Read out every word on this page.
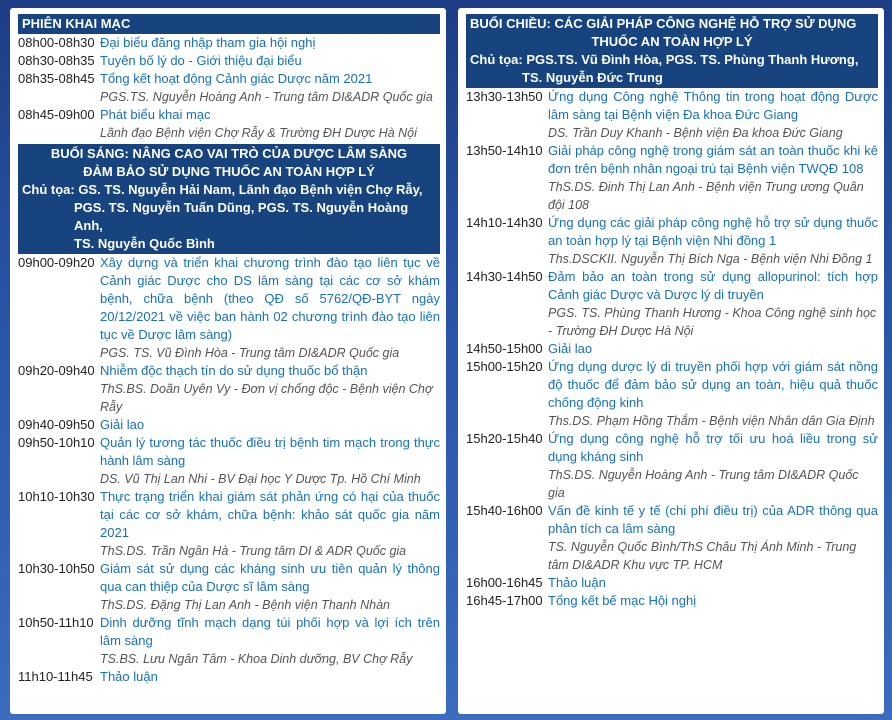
PHIÊN KHAI MẠC
08h00-08h30 Đại biểu đăng nhập tham gia hội nghị
08h30-08h35 Tuyên bố lý do - Giới thiệu đại biểu
08h35-08h45 Tổng kết hoạt động Cảnh giác Dược năm 2021
PGS.TS. Nguyễn Hoàng Anh - Trung tâm DI&ADR Quốc gia
08h45-09h00 Phát biểu khai mạc
Lãnh đạo Bệnh viện Chợ Rẫy & Trường ĐH Dược Hà Nội
BUỔI SÁNG: NÂNG CAO VAI TRÒ CỦA DƯỢC LÂM SÀNG
ĐẢM BẢO SỬ DỤNG THUỐC AN TOÀN HỢP LÝ
Chủ tọa: GS. TS. Nguyễn Hải Nam, Lãnh đạo Bệnh viện Chợ Rẫy,
PGS. TS. Nguyễn Tuấn Dũng, PGS. TS. Nguyễn Hoàng Anh,
TS. Nguyễn Quốc Bình
09h00-09h20 Xây dựng và triển khai chương trình đào tạo liên tục về Cảnh giác Dược cho DS lâm sàng tại các cơ sở khám bệnh, chữa bệnh (theo QĐ số 5762/QĐ-BYT ngày 20/12/2021 về việc ban hành 02 chương trình đào tạo liên tục về Dược lâm sàng)
PGS. TS. Vũ Đình Hòa - Trung tâm DI&ADR Quốc gia
09h20-09h40 Nhiễm độc thạch tín do sử dụng thuốc bổ thận
ThS.BS. Doãn Uyên Vy - Đơn vị chống độc - Bệnh viện Chợ Rẫy
09h40-09h50 Giải lao
09h50-10h10 Quản lý tương tác thuốc điều trị bệnh tim mạch trong thực hành lâm sàng
DS. Vũ Thị Lan Nhi - BV Đại học Y Dược Tp. Hồ Chí Minh
10h10-10h30 Thực trạng triển khai giám sát phản ứng có hại của thuốc tại các cơ sở khám, chữa bệnh: khảo sát quốc gia năm 2021
ThS.DS. Trần Ngân Hà - Trung tâm DI & ADR Quốc gia
10h30-10h50 Giám sát sử dụng các kháng sinh ưu tiên quản lý thông qua can thiệp của Dược sĩ lâm sàng
ThS.DS. Đặng Thị Lan Anh - Bệnh viện Thanh Nhàn
10h50-11h10 Dinh dưỡng tĩnh mạch dạng túi phối hợp và lợi ích trên lâm sàng
TS.BS. Lưu Ngân Tâm - Khoa Dinh dưỡng, BV Chợ Rẫy
11h10-11h45 Thảo luận
BUỔI CHIỀU: CÁC GIẢI PHÁP CÔNG NGHỆ HỖ TRỢ SỬ DỤNG
THUỐC AN TOÀN HỢP LÝ
Chủ tọa: PGS.TS. Vũ Đình Hòa, PGS. TS. Phùng Thanh Hương,
TS. Nguyễn Đức Trung
13h30-13h50 Ứng dụng Công nghệ Thông tin trong hoạt động Dược lâm sàng tại Bệnh viện Đa khoa Đức Giang
DS. Trần Duy Khanh - Bệnh viện Đa khoa Đức Giang
13h50-14h10 Giải pháp công nghệ trong giám sát an toàn thuốc khi kê đơn trên bệnh nhân ngoại trú tại Bệnh viện TWQĐ 108
ThS.DS. Đinh Thị Lan Anh - Bệnh viện Trung ương Quân đội 108
14h10-14h30 Ứng dụng các giải pháp công nghệ hỗ trợ sử dụng thuốc an toàn hợp lý tại Bệnh viện Nhi đồng 1
Ths.DSCKII. Nguyễn Thị Bích Nga - Bệnh viện Nhi Đồng 1
14h30-14h50 Đảm bảo an toàn trong sử dụng allopurinol: tích hợp Cảnh giác Dược và Dược lý di truyền
PGS. TS. Phùng Thanh Hương - Khoa Công nghệ sinh học - Trường ĐH Dược Hà Nội
14h50-15h00 Giải lao
15h00-15h20 Ứng dụng dược lý di truyền phối hợp với giám sát nồng độ thuốc để đảm bảo sử dụng an toàn, hiệu quả thuốc chống động kinh
Ths.DS. Phạm Hồng Thắm - Bệnh viện Nhân dân Gia Định
15h20-15h40 Ứng dụng công nghệ hỗ trợ tối ưu hoá liều trong sử dụng kháng sinh
ThS.DS. Nguyễn Hoàng Anh - Trung tâm DI&ADR Quốc gia
15h40-16h00 Vấn đề kinh tế y tế (chi phí điều trị) của ADR thông qua phân tích ca lâm sàng
TS. Nguyễn Quốc Bình/ThS Châu Thị Ánh Minh - Trung tâm DI&ADR Khu vực TP. HCM
16h00-16h45 Thảo luận
16h45-17h00 Tổng kết bế mạc Hội nghị
